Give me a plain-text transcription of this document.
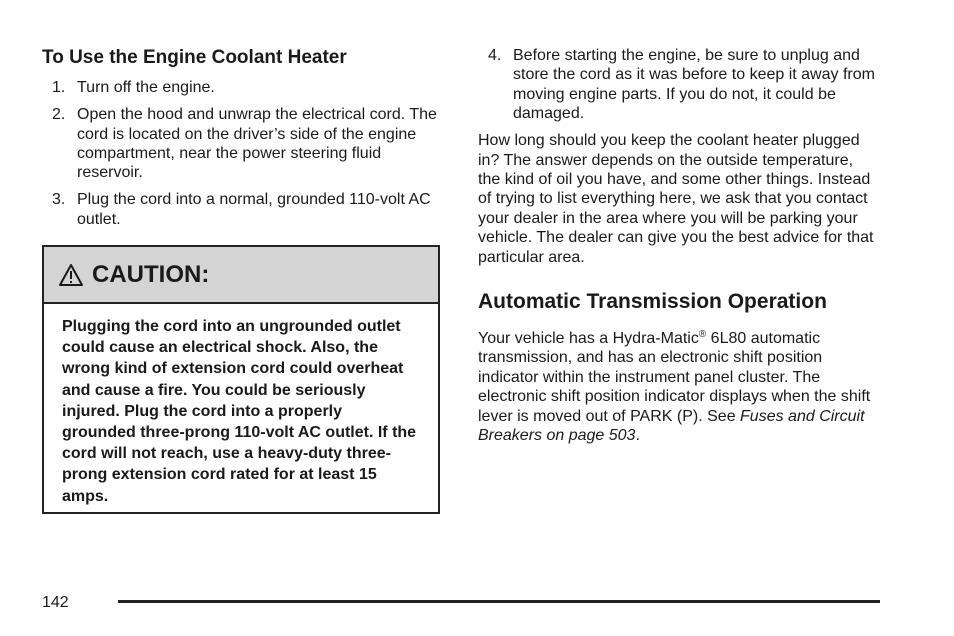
To Use the Engine Coolant Heater
1. Turn off the engine.
2. Open the hood and unwrap the electrical cord. The cord is located on the driver’s side of the engine compartment, near the power steering fluid reservoir.
3. Plug the cord into a normal, grounded 110-volt AC outlet.
CAUTION:
Plugging the cord into an ungrounded outlet could cause an electrical shock. Also, the wrong kind of extension cord could overheat and cause a fire. You could be seriously injured. Plug the cord into a properly grounded three-prong 110-volt AC outlet. If the cord will not reach, use a heavy-duty three-prong extension cord rated for at least 15 amps.
4. Before starting the engine, be sure to unplug and store the cord as it was before to keep it away from moving engine parts. If you do not, it could be damaged.

How long should you keep the coolant heater plugged in? The answer depends on the outside temperature, the kind of oil you have, and some other things. Instead of trying to list everything here, we ask that you contact your dealer in the area where you will be parking your vehicle. The dealer can give you the best advice for that particular area.

Automatic Transmission Operation

Your vehicle has a Hydra-Matic® 6L80 automatic transmission, and has an electronic shift position indicator within the instrument panel cluster. The electronic shift position indicator displays when the shift lever is moved out of PARK (P). See Fuses and Circuit Breakers on page 503.

142
